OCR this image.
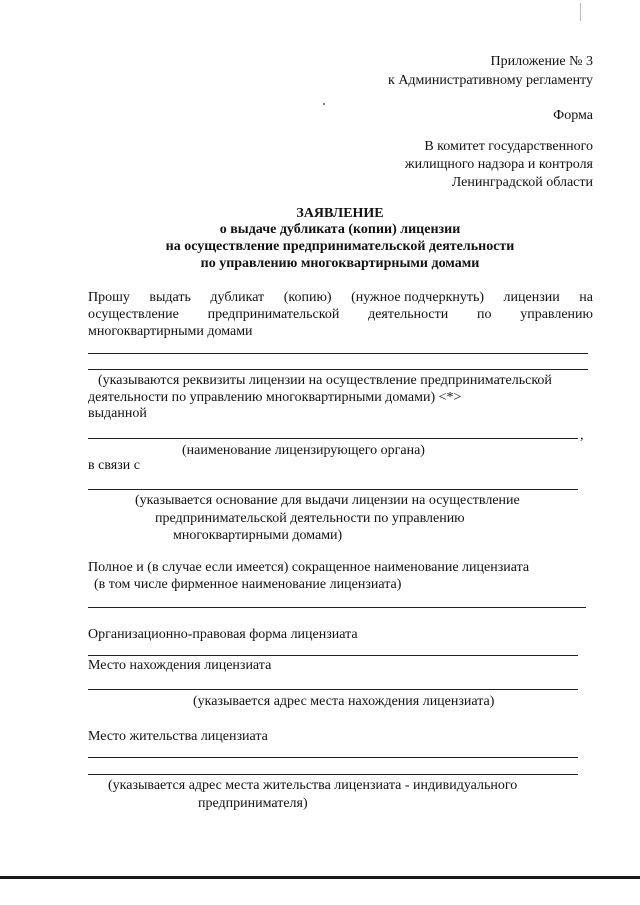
Приложение № 3

к Административному регламенту

Форма

В комитет государственного

жилищного надзора и контроля

Ленинградской области

ЗАЯВЛЕНИЕ

о выдаче дубликата (копии) лицензии

на осуществление предпринимательской деятельности

по управлению многоквартирными домами

Прошу выдать дубликат (копию) (нужное подчеркнуть) лицензии на
осуществление предпринимательской деятельности по управлению

многоквартирными домами

(указываются реквизиты лицензии на осуществление предпринимательской

деятельности по управлению многоквартирными домами) <*>

выданной

,

(наименование лицензирующего органа)

в связи с

(указывается основание для выдачи лицензии на осуществление

предпринимательской деятельности по управлению

многоквартирными домами)

Полное и (в случае если имеется) сокращенное наименование лицензиата

(в том числе фирменное наименование лицензиата)

Организационно-правовая форма лицензиата

Место нахождения лицензиата

(указывается адрес места нахождения лицензиата)

Место жительства лицензиата

(указывается адрес места жительства лицензиата - индивидуального

предпринимателя)
